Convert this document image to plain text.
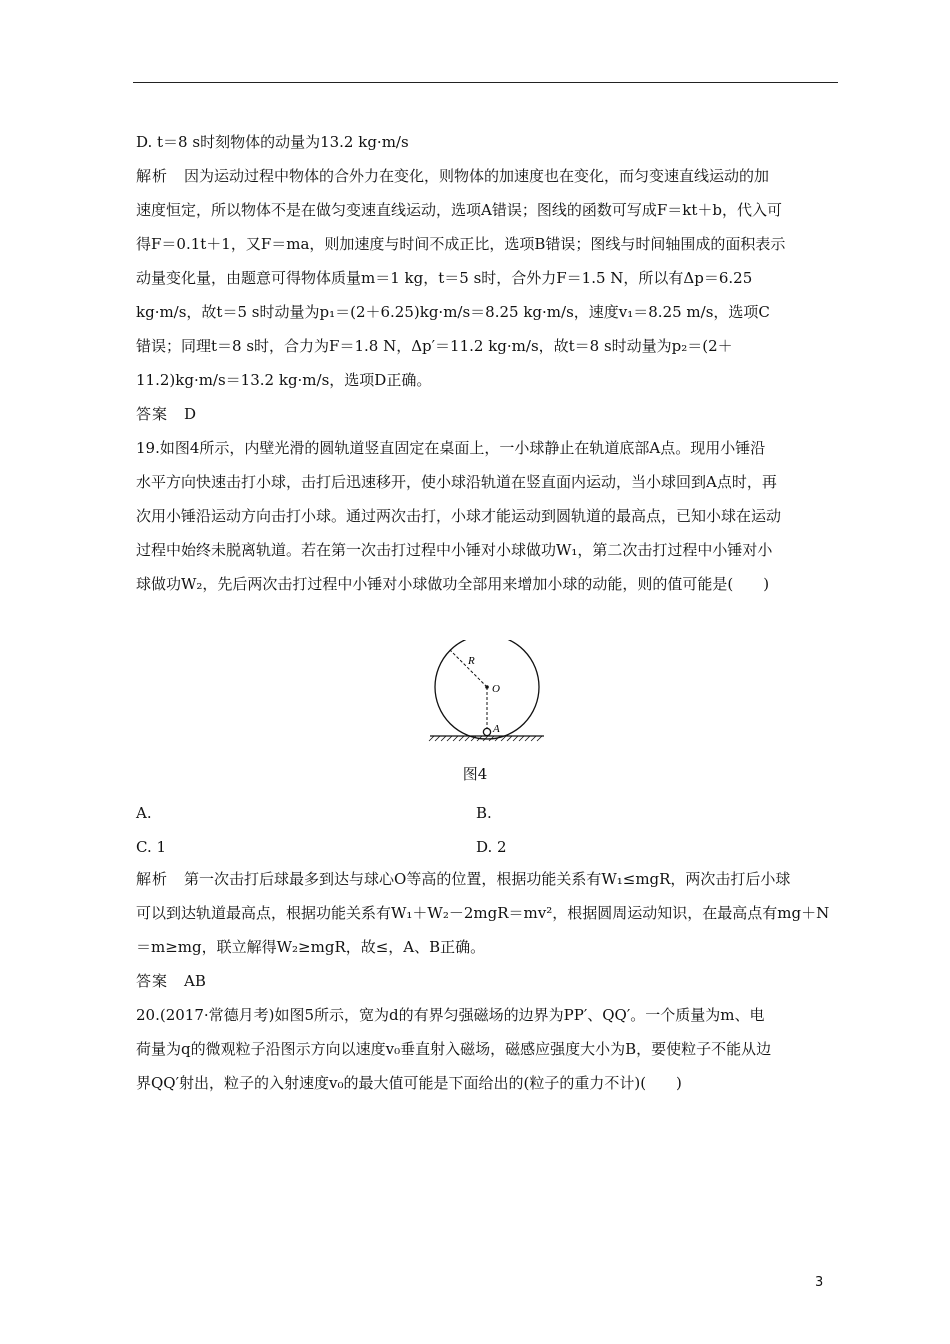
D. t＝8 s时刻物体的动量为13.2 kg·m/s
解析 因为运动过程中物体的合外力在变化，则物体的加速度也在变化，而匀变速直线运动的加
速度恒定，所以物体不是在做匀变速直线运动，选项A错误；图线的函数可写成F＝kt＋b，代入可
得F＝0.1t＋1，又F＝ma，则加速度与时间不成正比，选项B错误；图线与时间轴围成的面积表示
动量变化量，由题意可得物体质量m＝1 kg，t＝5 s时，合外力F＝1.5 N，所以有Δp＝6.25
kg·m/s，故t＝5 s时动量为p₁＝(2＋6.25)kg·m/s＝8.25 kg·m/s，速度v₁＝8.25 m/s，选项C
错误；同理t＝8 s时，合力为F＝1.8 N，Δp′＝11.2 kg·m/s，故t＝8 s时动量为p₂＝(2＋
11.2)kg·m/s＝13.2 kg·m/s，选项D正确。
答案 D
19.如图4所示，内壁光滑的圆轨道竖直固定在桌面上，一小球静止在轨道底部A点。现用小锤沿
水平方向快速击打小球，击打后迅速移开，使小球沿轨道在竖直面内运动，当小球回到A点时，再
次用小锤沿运动方向击打小球。通过两次击打，小球才能运动到圆轨道的最高点，已知小球在运动
过程中始终未脱离轨道。若在第一次击打过程中小锤对小球做功W₁，第二次击打过程中小锤对小
球做功W₂，先后两次击打过程中小锤对小球做功全部用来增加小球的动能，则的值可能是(　　)
R
O
A
图4
A.	B.
C. 1	D. 2
解析 第一次击打后球最多到达与球心O等高的位置，根据功能关系有W₁≤mgR，两次击打后小球
可以到达轨道最高点，根据功能关系有W₁＋W₂－2mgR＝mv²，根据圆周运动知识，在最高点有mg＋N
＝m≥mg，联立解得W₂≥mgR，故≤，A、B正确。
答案 AB
20.(2017·常德月考)如图5所示，宽为d的有界匀强磁场的边界为PP′、QQ′。一个质量为m、电
荷量为q的微观粒子沿图示方向以速度v₀垂直射入磁场，磁感应强度大小为B，要使粒子不能从边
界QQ′射出，粒子的入射速度v₀的最大值可能是下面给出的(粒子的重力不计)(　　)
3
